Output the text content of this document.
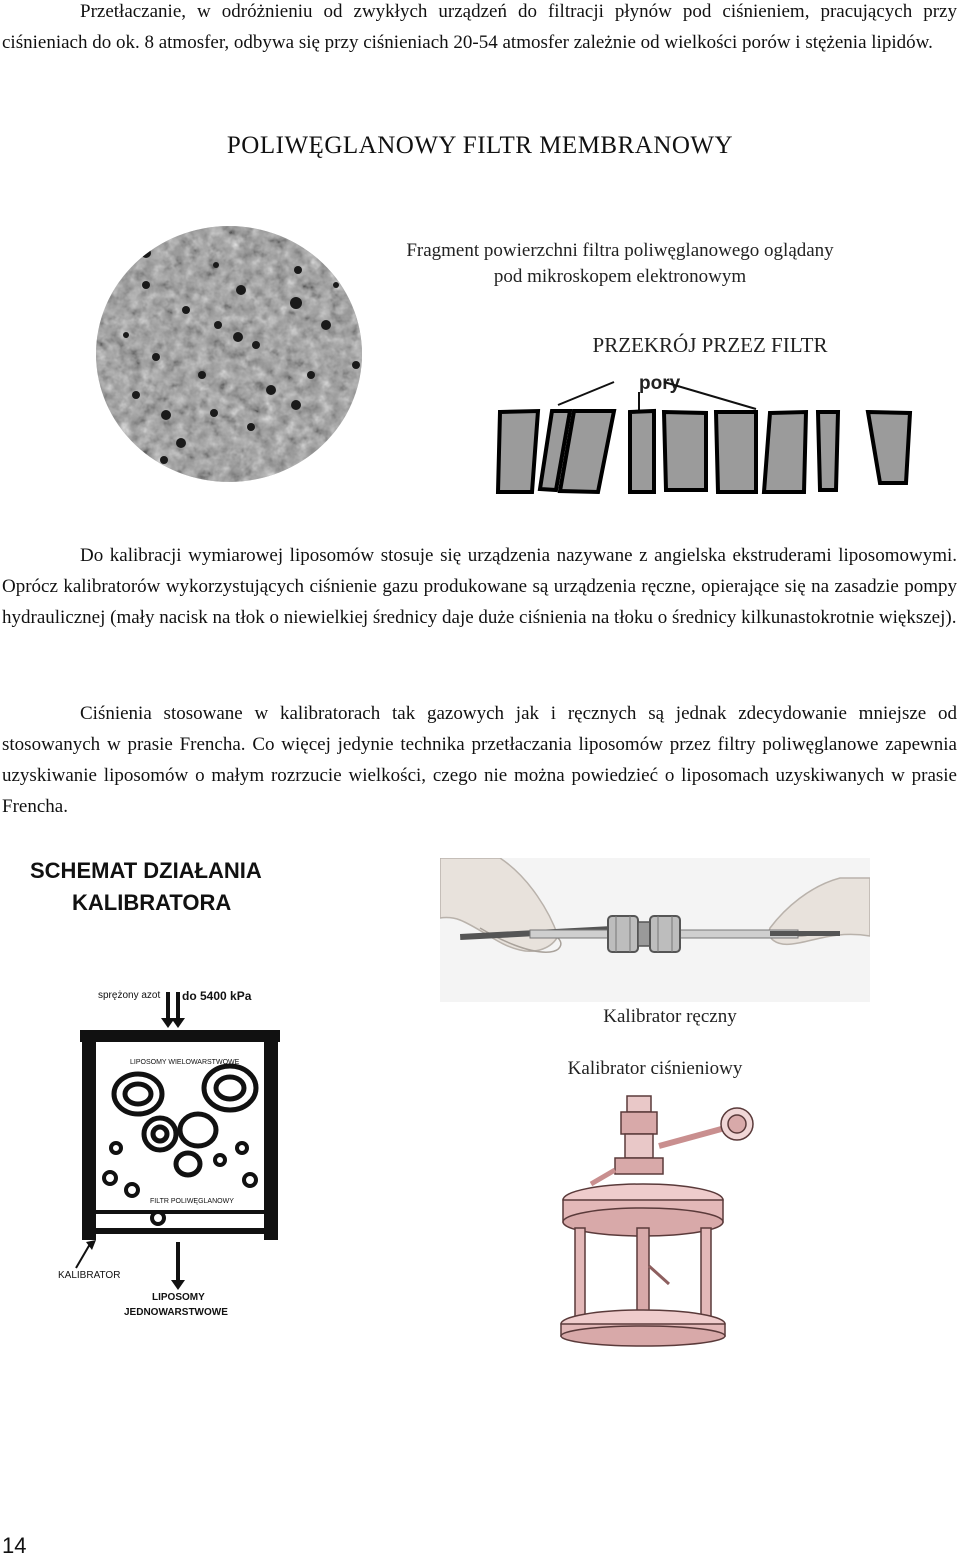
Przetłaczanie, w odróżnieniu od zwykłych urządzeń do filtracji płynów pod ciśnieniem, pracujących przy ciśnieniach do ok. 8 atmosfer, odbywa się przy ciśnieniach 20-54 atmosfer zależnie od wielkości porów i stężenia lipidów.

POLIWĘGLANOWY FILTR MEMBRANOWY
Fragment powierzchni filtra poliwęglanowego oglądany pod mikroskopem elektronowym
PRZEKRÓJ PRZEZ FILTR
pory

Do kalibracji wymiarowej liposomów stosuje się urządzenia nazywane z angielska ekstruderami liposomowymi. Oprócz kalibratorów wykorzystujących ciśnienie gazu produkowane są urządzenia ręczne, opierające się na zasadzie pompy hydraulicznej (mały nacisk na tłok o niewielkiej średnicy daje duże ciśnienia na tłoku o średnicy kilkunastokrotnie większej).

Ciśnienia stosowane w kalibratorach tak gazowych jak i ręcznych są jednak zdecydowanie mniejsze od stosowanych w prasie Frencha. Co więcej jedynie technika przetłaczania liposomów przez filtry poliwęglanowe zapewnia uzyskiwanie liposomów o małym rozrzucie wielkości, czego nie można powiedzieć o liposomach uzyskiwanych w prasie Frencha.

SCHEMAT DZIAŁANIA
KALIBRATORA
sprężony azot do 5400 kPa
LIPOSOMY WIELOWARSTWOWE
FILTR POLIWĘGLANOWY
KALIBRATOR
LIPOSOMY
JEDNOWARSTWOWE
Kalibrator ręczny
Kalibrator ciśnieniowy
14
